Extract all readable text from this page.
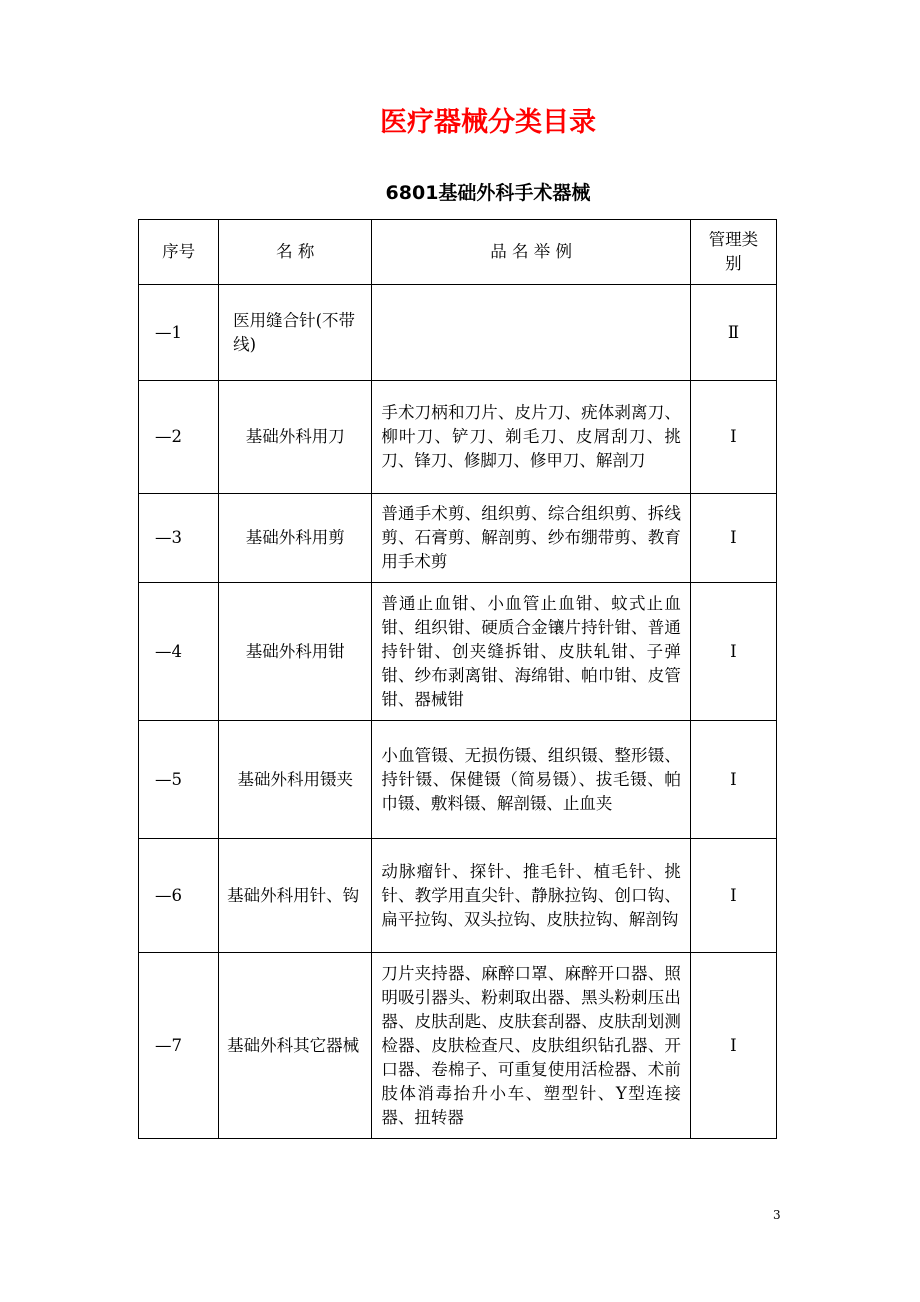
医疗器械分类目录
6801基础外科手术器械
序号	名 称	品 名 举 例	管理类别
—1	医用缝合针(不带线)		Ⅱ
—2	基础外科用刀	手术刀柄和刀片、皮片刀、疣体剥离刀、柳叶刀、铲刀、剃毛刀、皮屑刮刀、挑刀、锋刀、修脚刀、修甲刀、解剖刀	Ⅰ
—3	基础外科用剪	普通手术剪、组织剪、综合组织剪、拆线剪、石膏剪、解剖剪、纱布绷带剪、教育用手术剪	Ⅰ
—4	基础外科用钳	普通止血钳、小血管止血钳、蚊式止血钳、组织钳、硬质合金镶片持针钳、普通持针钳、创夹缝拆钳、皮肤轧钳、子弹钳、纱布剥离钳、海绵钳、帕巾钳、皮管钳、器械钳	Ⅰ
—5	基础外科用镊夹	小血管镊、无损伤镊、组织镊、整形镊、持针镊、保健镊（简易镊）、拔毛镊、帕巾镊、敷料镊、解剖镊、止血夹	Ⅰ
—6	基础外科用针、钩	动脉瘤针、探针、推毛针、植毛针、挑针、教学用直尖针、静脉拉钩、创口钩、扁平拉钩、双头拉钩、皮肤拉钩、解剖钩	Ⅰ
—7	基础外科其它器械	刀片夹持器、麻醉口罩、麻醉开口器、照明吸引器头、粉刺取出器、黑头粉刺压出器、皮肤刮匙、皮肤套刮器、皮肤刮划测检器、皮肤检查尺、皮肤组织钻孔器、开口器、卷棉子、可重复使用活检器、术前肢体消毒抬升小车、塑型针、Y型连接器、扭转器	Ⅰ
3
